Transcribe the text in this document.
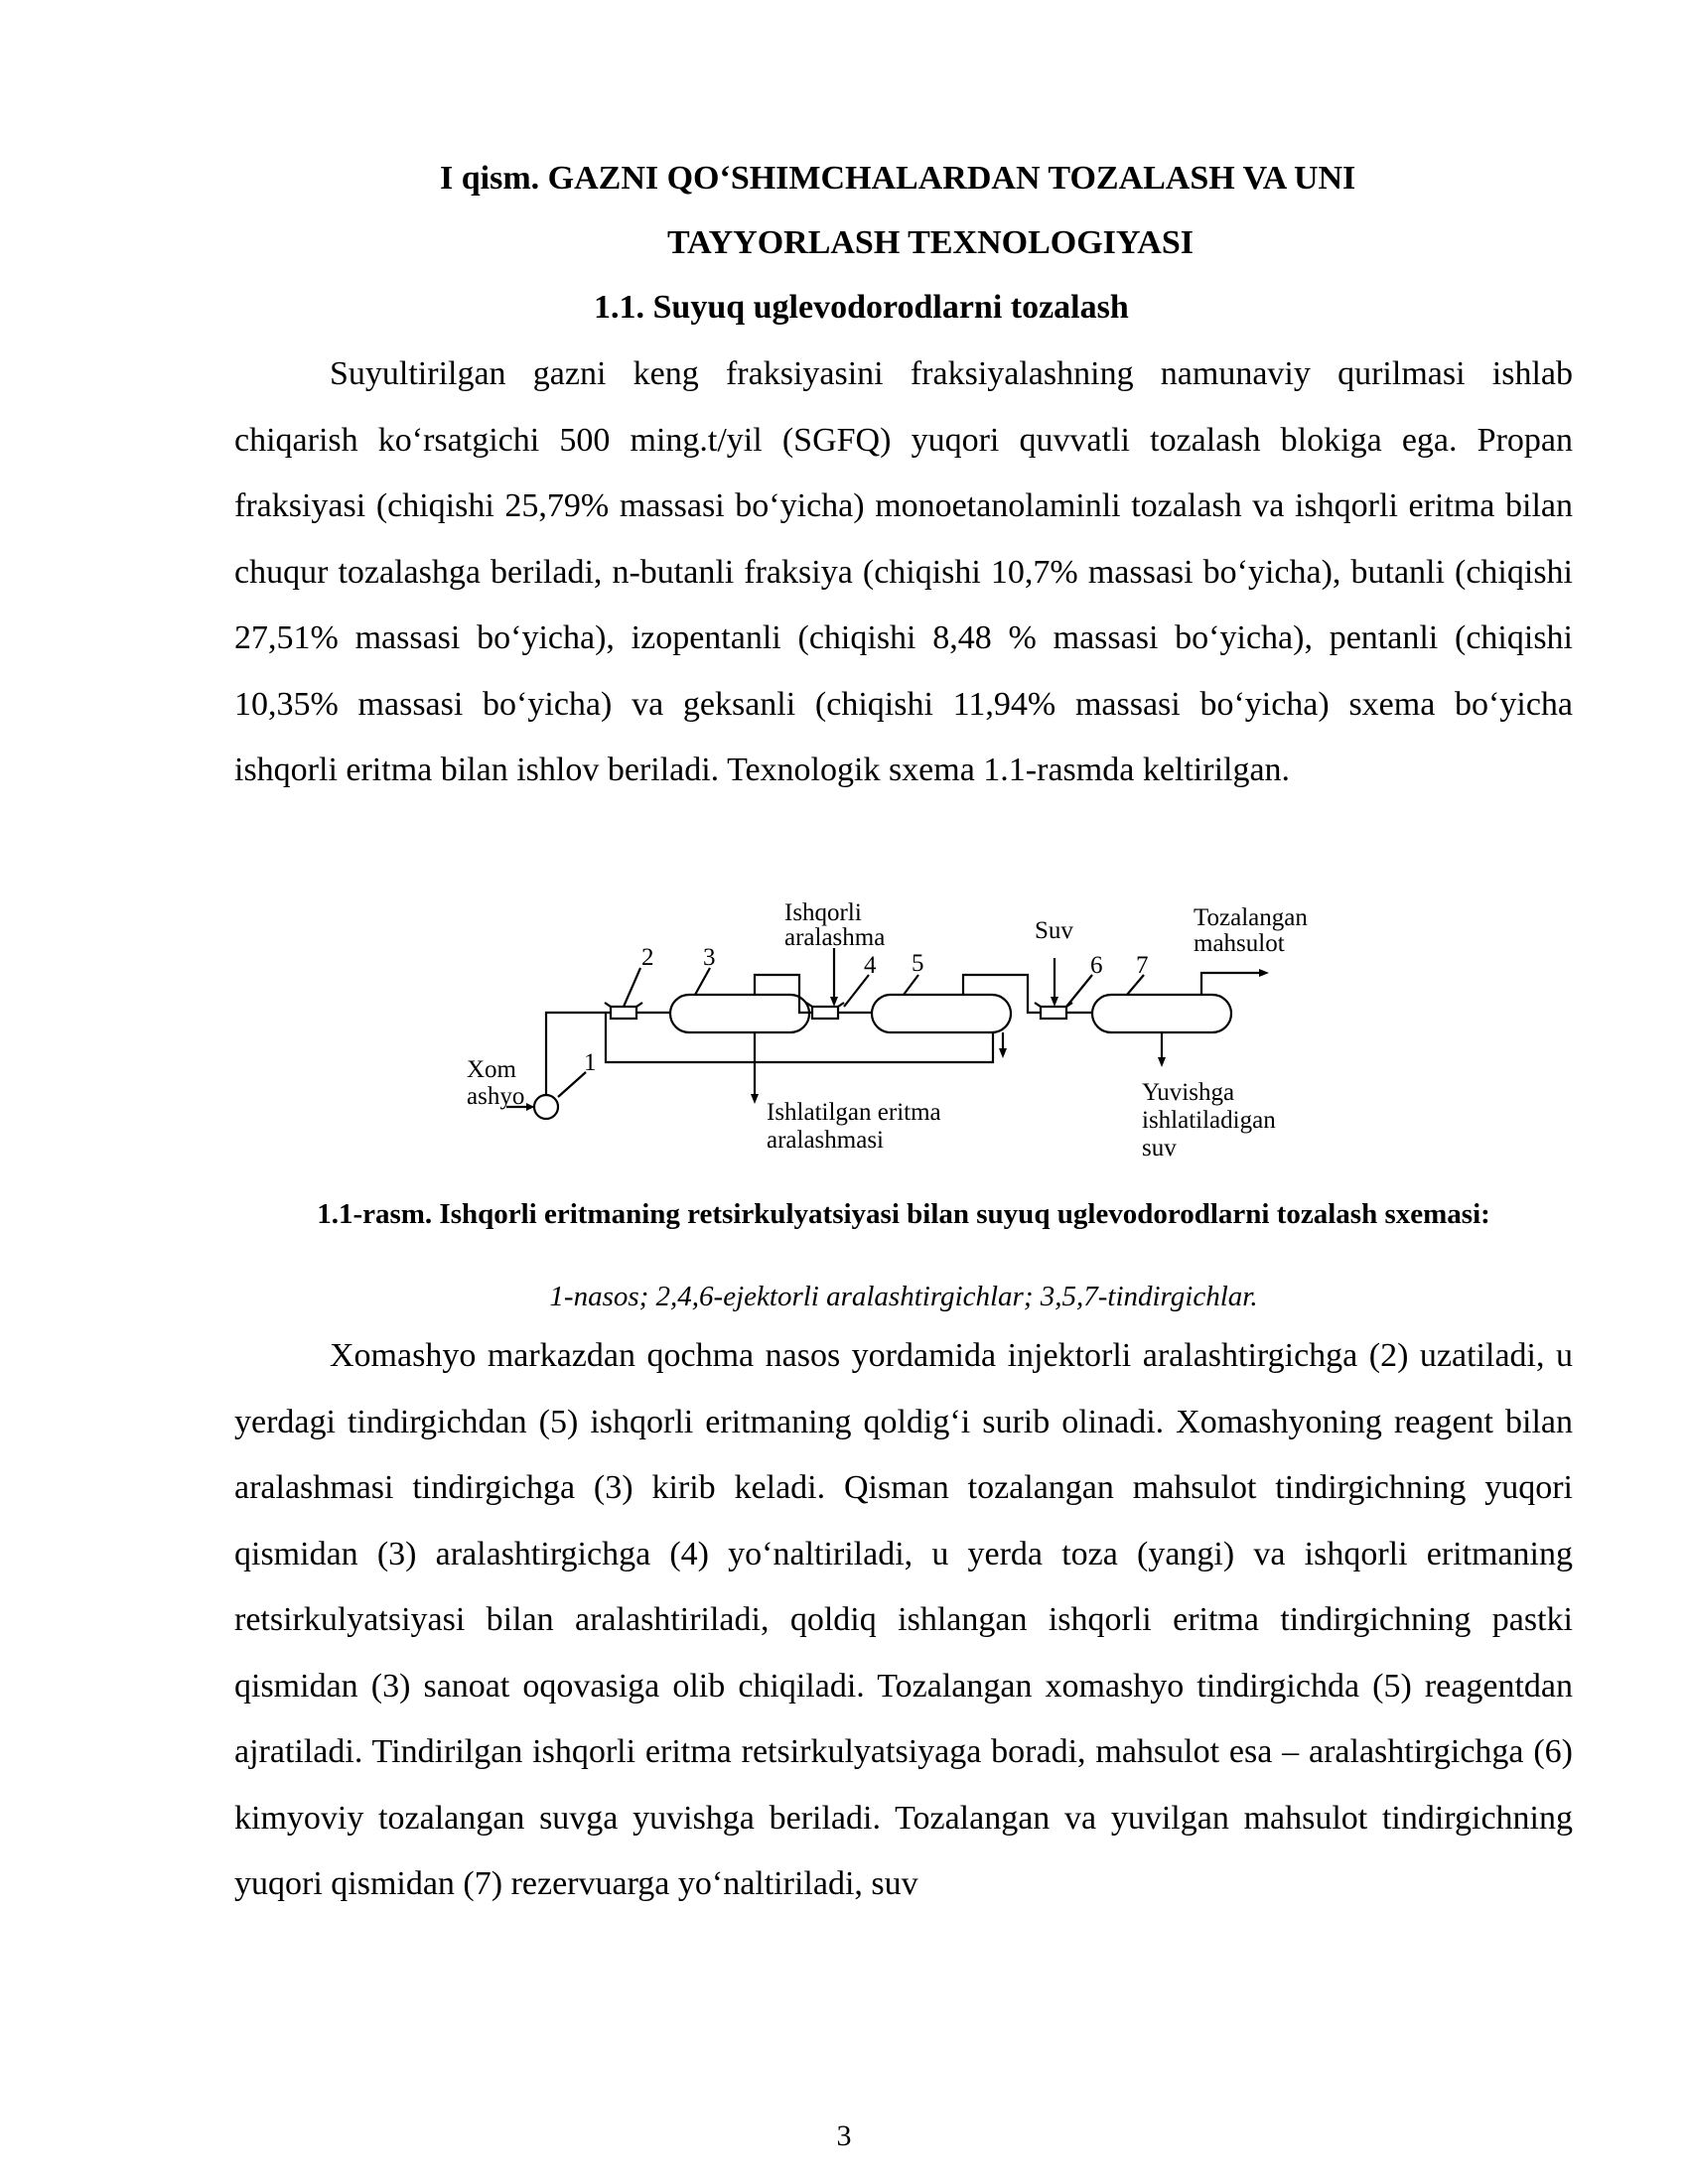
I qism. GAZNI QO‘SHIMCHALARDAN TOZALASH VA UNI
TAYYORLASH TEXNOLOGIYASI
1.1. Suyuq uglevodorodlarni tozalash

Suyultirilgan gazni keng fraksiyasini fraksiyalashning namunaviy qurilmasi ishlab chiqarish ko‘rsatgichi 500 ming.t/yil (SGFQ) yuqori quvvatli tozalash blokiga ega. Propan fraksiyasi (chiqishi 25,79% massasi bo‘yicha) monoetanolaminli tozalash va ishqorli eritma bilan chuqur tozalashga beriladi, n-butanli fraksiya (chiqishi 10,7% massasi bo‘yicha), butanli (chiqishi 27,51% massasi bo‘yicha), izopentanli (chiqishi 8,48 % massasi bo‘yicha), pentanli (chiqishi 10,35% massasi bo‘yicha) va geksanli (chiqishi 11,94% massasi bo‘yicha) sxema bo‘yicha ishqorli eritma bilan ishlov beriladi. Texnologik sxema 1.1-rasmda keltirilgan.

Xom
ashyo
1
2 3
Ishqorli
aralashma
4 5
Suv
6 7
Tozalangan
mahsulot
Ishlatilgan eritma
aralashmasi
Yuvishga
ishlatiladigan
suv

1.1-rasm. Ishqorli eritmaning retsirkulyatsiyasi bilan suyuq uglevodorodlarni tozalash sxemasi:

1-nasos; 2,4,6-ejektorli aralashtirgichlar; 3,5,7-tindirgichlar.

Xomashyo markazdan qochma nasos yordamida injektorli aralashtirgichga (2) uzatiladi, u yerdagi tindirgichdan (5) ishqorli eritmaning qoldig‘i surib olinadi. Xomashyoning reagent bilan aralashmasi tindirgichga (3) kirib keladi. Qisman tozalangan mahsulot tindirgichning yuqori qismidan (3) aralashtirgichga (4) yo‘naltiriladi, u yerda toza (yangi) va ishqorli eritmaning retsirkulyatsiyasi bilan aralashtiriladi, qoldiq ishlangan ishqorli eritma tindirgichning pastki qismidan (3) sanoat oqovasiga olib chiqiladi. Tozalangan xomashyo tindirgichda (5) reagentdan ajratiladi. Tindirilgan ishqorli eritma retsirkulyatsiyaga boradi, mahsulot esa – aralashtirgichga (6) kimyoviy tozalangan suvga yuvishga beriladi. Tozalangan va yuvilgan mahsulot tindirgichning yuqori qismidan (7) rezervuarga yo‘naltiriladi, suv

3
